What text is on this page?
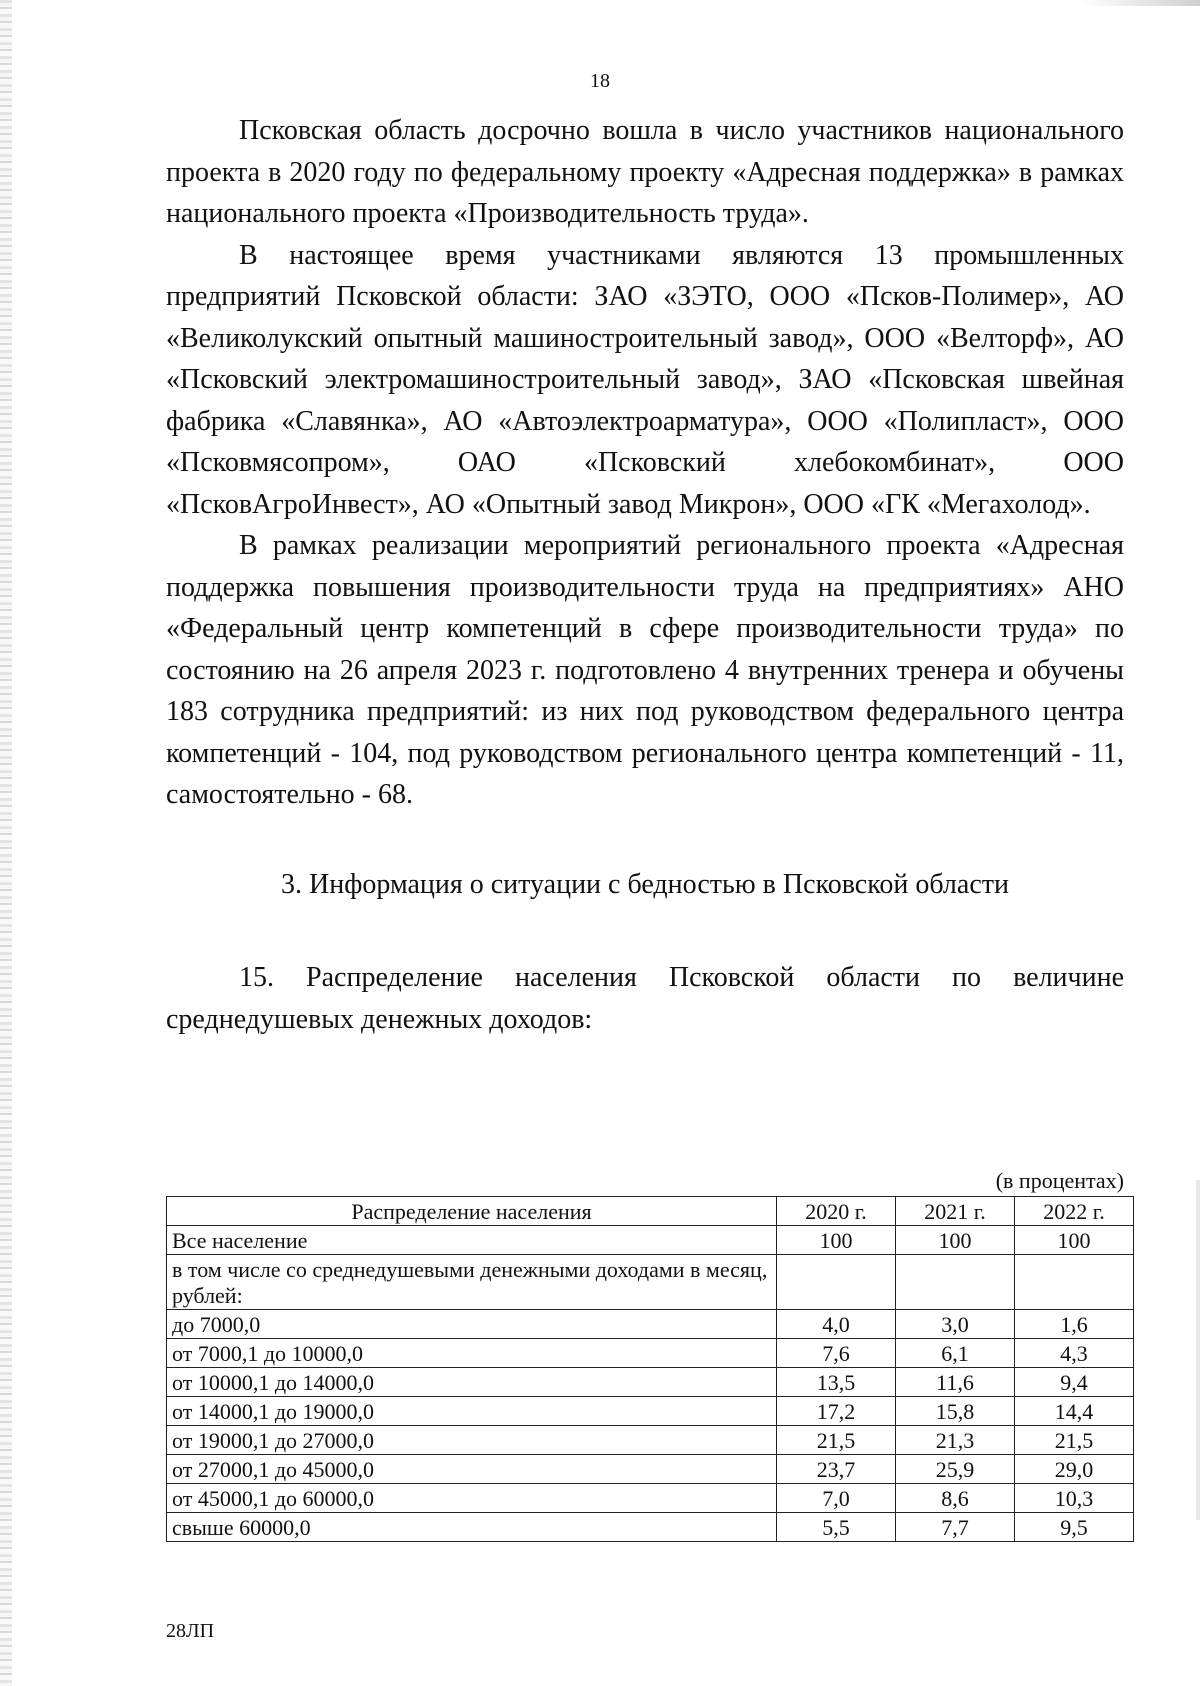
18

Псковская область досрочно вошла в число участников национального проекта в 2020 году по федеральному проекту «Адресная поддержка» в рамках национального проекта «Производительность труда».

В настоящее время участниками являются 13 промышленных предприятий Псковской области: ЗАО «ЗЭТО, ООО «Псков-Полимер», АО «Великолукский опытный машиностроительный завод», ООО «Велторф», АО «Псковский электромашиностроительный завод», ЗАО «Псковская швейная фабрика «Славянка», АО «Автоэлектроарматура», ООО «Полипласт», ООО «Псковмясопром», ОАО «Псковский хлебокомбинат», ООО «ПсковАгроИнвест», АО «Опытный завод Микрон», ООО «ГК «Мегахолод».

В рамках реализации мероприятий регионального проекта «Адресная поддержка повышения производительности труда на предприятиях» АНО «Федеральный центр компетенций в сфере производительности труда» по состоянию на 26 апреля 2023 г. подготовлено 4 внутренних тренера и обучены 183 сотрудника предприятий: из них под руководством федерального центра компетенций - 104, под руководством регионального центра компетенций - 11, самостоятельно - 68.

3. Информация о ситуации с бедностью в Псковской области

15. Распределение населения Псковской области по величине среднедушевых денежных доходов:

(в процентах)
Распределение населения	2020 г.	2021 г.	2022 г.
Все население	100	100	100
в том числе со среднедушевыми денежными доходами в месяц, рублей:			
до 7000,0	4,0	3,0	1,6
от 7000,1 до 10000,0	7,6	6,1	4,3
от 10000,1 до 14000,0	13,5	11,6	9,4
от 14000,1 до 19000,0	17,2	15,8	14,4
от 19000,1 до 27000,0	21,5	21,3	21,5
от 27000,1 до 45000,0	23,7	25,9	29,0
от 45000,1 до 60000,0	7,0	8,6	10,3
свыше 60000,0	5,5	7,7	9,5
28ЛП
